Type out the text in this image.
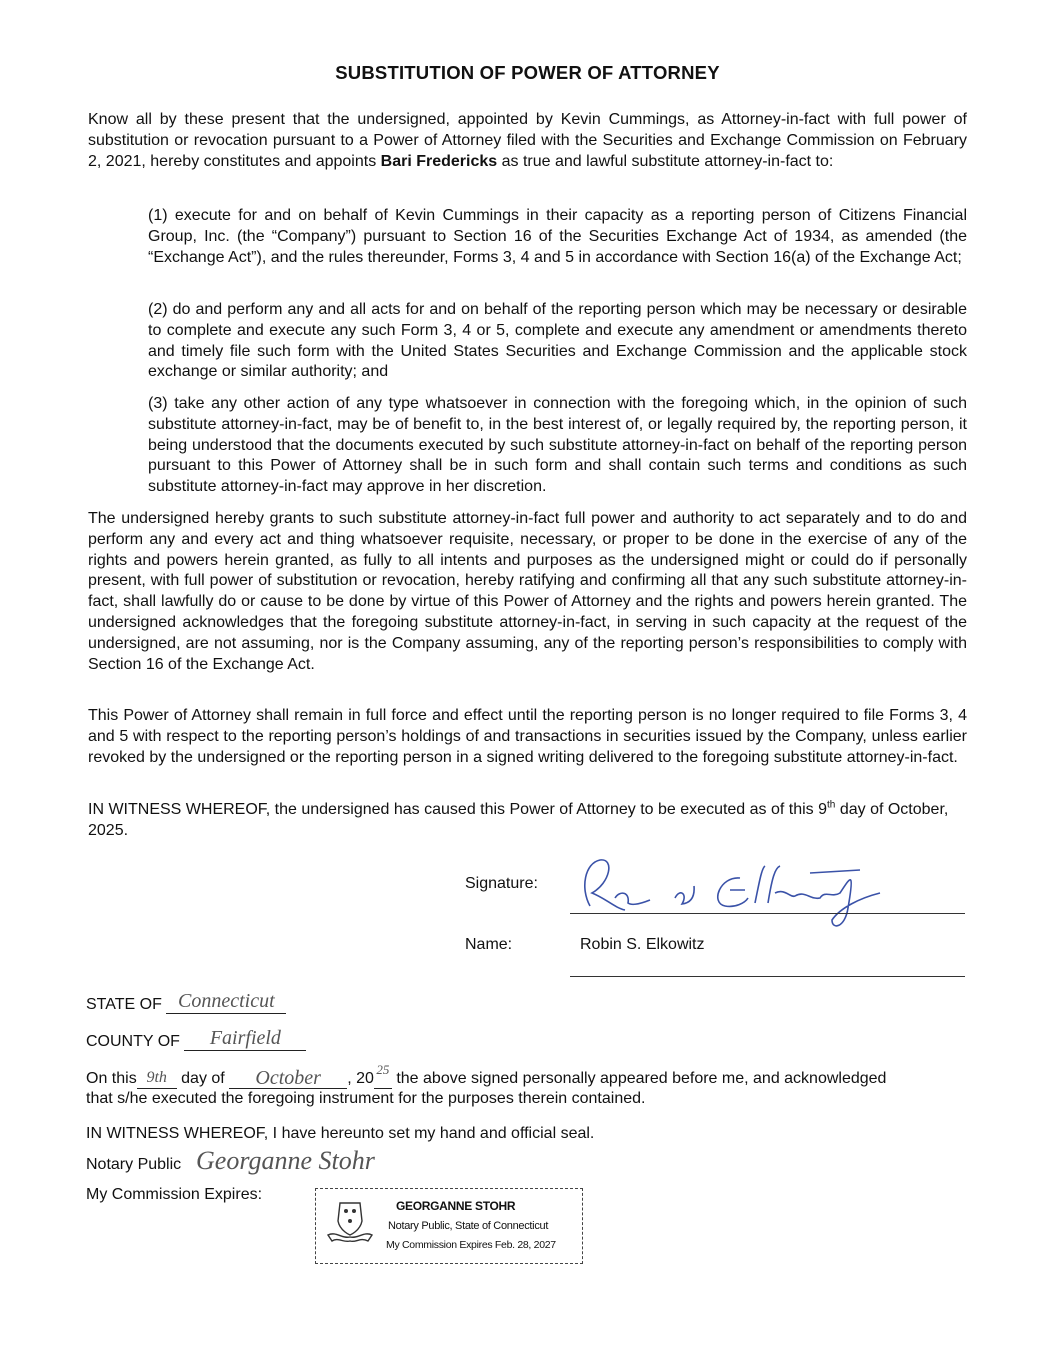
SUBSTITUTION OF POWER OF ATTORNEY
Know all by these present that the undersigned, appointed by Kevin Cummings, as Attorney-in-fact with full power of substitution or revocation pursuant to a Power of Attorney filed with the Securities and Exchange Commission on February 2, 2021, hereby constitutes and appoints Bari Fredericks as true and lawful substitute attorney-in-fact to:
(1) execute for and on behalf of Kevin Cummings in their capacity as a reporting person of Citizens Financial Group, Inc. (the “Company”) pursuant to Section 16 of the Securities Exchange Act of 1934, as amended (the “Exchange Act”), and the rules thereunder, Forms 3, 4 and 5 in accordance with Section 16(a) of the Exchange Act;
(2) do and perform any and all acts for and on behalf of the reporting person which may be necessary or desirable to complete and execute any such Form 3, 4 or 5, complete and execute any amendment or amendments thereto and timely file such form with the United States Securities and Exchange Commission and the applicable stock exchange or similar authority; and
(3) take any other action of any type whatsoever in connection with the foregoing which, in the opinion of such substitute attorney-in-fact, may be of benefit to, in the best interest of, or legally required by, the reporting person, it being understood that the documents executed by such substitute attorney-in-fact on behalf of the reporting person pursuant to this Power of Attorney shall be in such form and shall contain such terms and conditions as such substitute attorney-in-fact may approve in her discretion.
The undersigned hereby grants to such substitute attorney-in-fact full power and authority to act separately and to do and perform any and every act and thing whatsoever requisite, necessary, or proper to be done in the exercise of any of the rights and powers herein granted, as fully to all intents and purposes as the undersigned might or could do if personally present, with full power of substitution or revocation, hereby ratifying and confirming all that any such substitute attorney-in-fact, shall lawfully do or cause to be done by virtue of this Power of Attorney and the rights and powers herein granted. The undersigned acknowledges that the foregoing substitute attorney-in-fact, in serving in such capacity at the request of the undersigned, are not assuming, nor is the Company assuming, any of the reporting person’s responsibilities to comply with Section 16 of the Exchange Act.
This Power of Attorney shall remain in full force and effect until the reporting person is no longer required to file Forms 3, 4 and 5 with respect to the reporting person’s holdings of and transactions in securities issued by the Company, unless earlier revoked by the undersigned or the reporting person in a signed writing delivered to the foregoing substitute attorney-in-fact.
IN WITNESS WHEREOF, the undersigned has caused this Power of Attorney to be executed as of this 9th day of October, 2025.
Signature:
Name:	Robin S. Elkowitz
STATE OF Connecticut
COUNTY OF	Fairfield
On this 9th day of	October	, 20
25
the above signed personally appeared before me, and acknowledged
that s/he executed the foregoing instrument for the purposes therein contained.
IN WITNESS WHEREOF, I have hereunto set my hand and official seal.
Notary Public Georganne Stohr
My Commission Expires:
GEORGANNE STOHR
Notary Public, State of Connecticut
My Commission Expires Feb. 28, 2027
